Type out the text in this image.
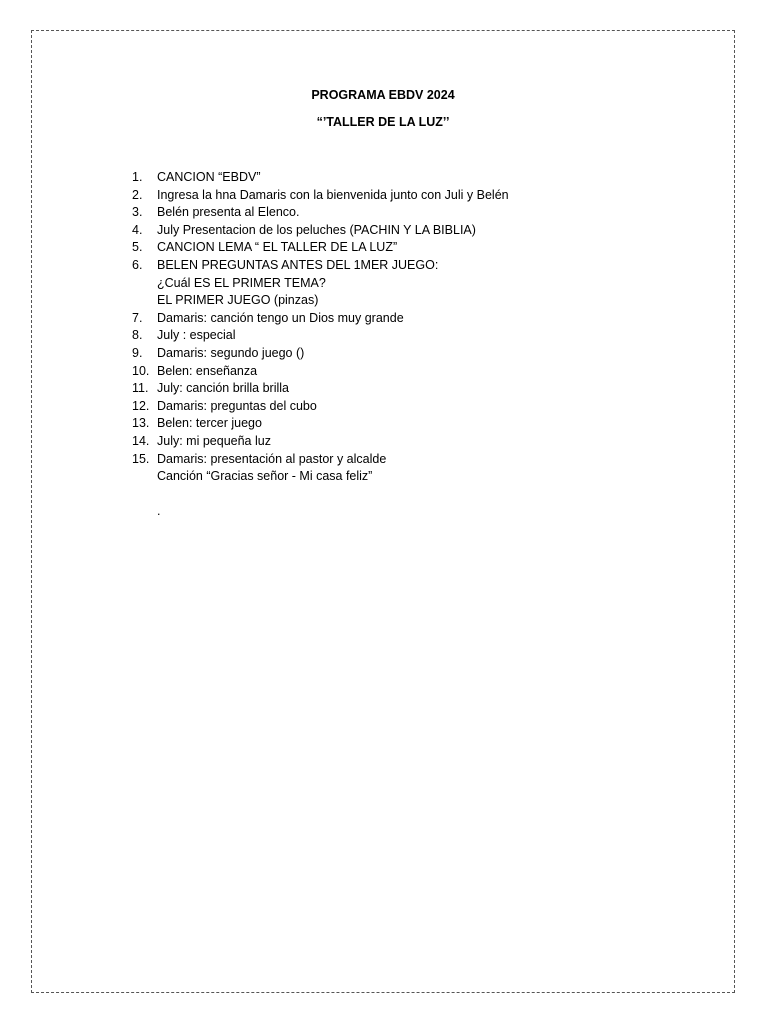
PROGRAMA EBDV 2024

“’TALLER DE LA LUZ’’

1. CANCION “EBDV”
2. Ingresa la hna Damaris con la bienvenida junto con Juli y Belén
3. Belén presenta al Elenco.
4. July Presentacion de los peluches (PACHIN Y LA BIBLIA)
5. CANCION LEMA “ EL TALLER DE LA LUZ”
6. BELEN PREGUNTAS ANTES DEL 1MER JUEGO:
¿Cuál ES EL PRIMER TEMA?
EL PRIMER JUEGO (pinzas)
7. Damaris: canción tengo un Dios muy grande
8. July : especial
9. Damaris: segundo juego ()
10. Belen: enseñanza
11. July: canción brilla brilla
12. Damaris: preguntas del cubo
13. Belen: tercer juego
14. July: mi pequeña luz
15. Damaris: presentación al pastor y alcalde
Canción “Gracias señor - Mi casa feliz”

.
